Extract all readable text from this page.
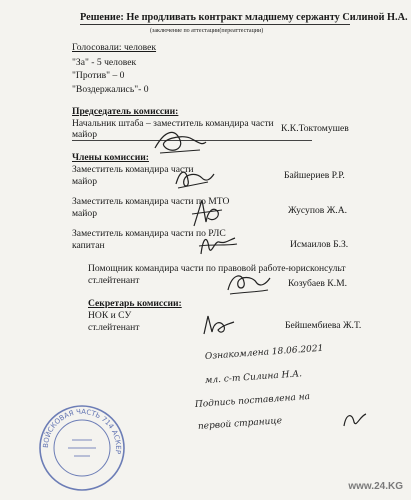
Решение: Не продливать контракт младшему сержанту Силиной Н.А.
(заключение по аттестации(переаттестации)
Голосовали: человек
"За" - 5 человек
"Против" – 0
"Воздержались"- 0
Председатель комиссии:
Начальник штаба – заместитель командира части
майор
К.К.Токтомушев
Члены комиссии:
Заместитель командира части
майор
Байшериев Р.Р.
Заместитель командира части по МТО
майор	Жусупов Ж.А.
Заместитель командира части по РЛС
капитан	Исмаилов Б.З.
Помощник командира части по правовой работе-юрисконсульт
ст.лейтенант	Козубаев К.М.
Секретарь комиссии:
НОК и СУ
ст.лейтенант	Бейшембиева Ж.Т.
Ознакомлена 18.06.2021
мл. с-т Силина Н.А.
Подпись поставлена на
первой странице
ВОЙСКОВАЯ ЧАСТЬ 714 АСКЕР
www.24.KG
